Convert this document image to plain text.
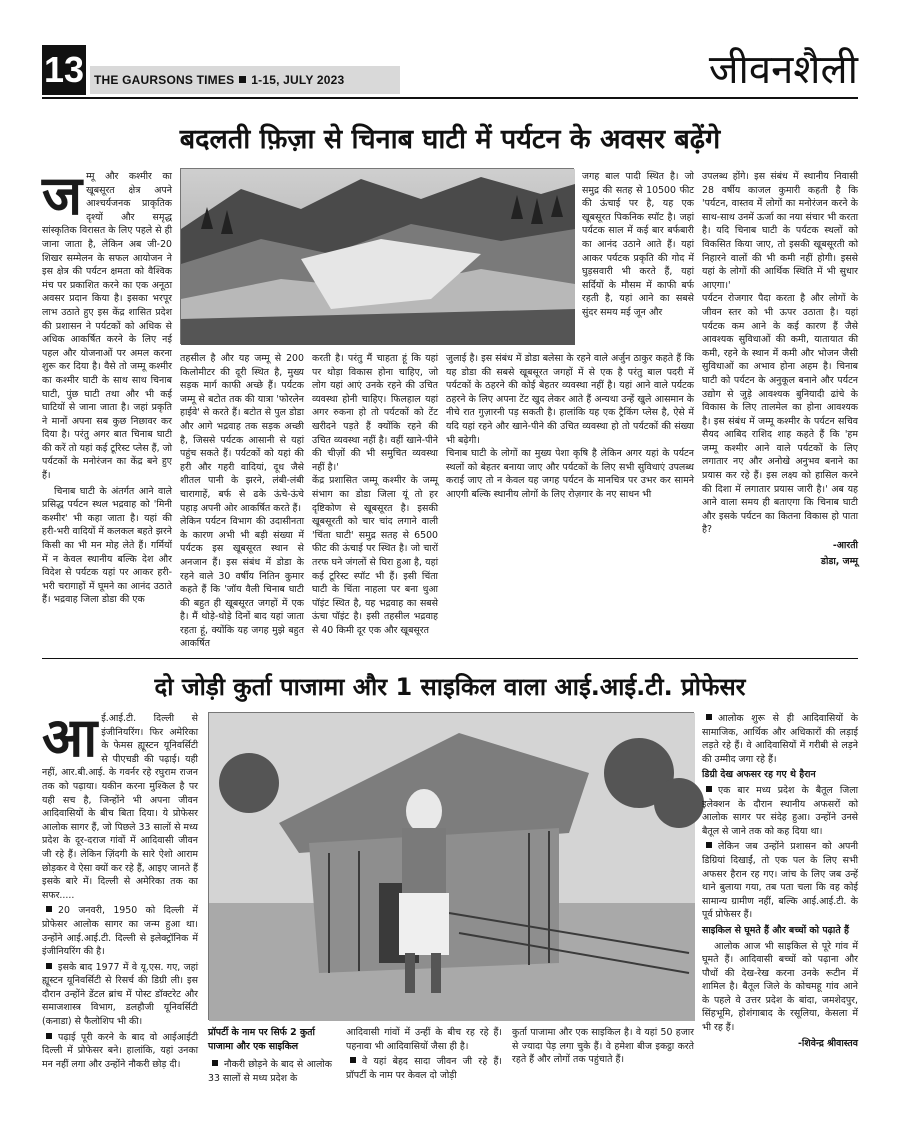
13 THE GAURSONS TIMES 1-15, JULY 2023	जीवनशैली
बदलती फ़िज़ा से चिनाब घाटी में पर्यटन के अवसर बढ़ेंगे

जम्मू और कश्मीर का खूबसूरत क्षेत्र अपने आश्चर्यजनक प्राकृतिक दृश्यों और समृद्ध सांस्कृतिक विरासत के लिए पहले से ही जाना जाता है, लेकिन अब जी-20 शिखर सम्मेलन के सफल आयोजन ने इस क्षेत्र की पर्यटन क्षमता को वैश्विक मंच पर प्रकाशित करने का एक अनूठा अवसर प्रदान किया है। इसका भरपूर लाभ उठाते हुए इस केंद्र शासित प्रदेश की प्रशासन ने पर्यटकों को अधिक से अधिक आकर्षित करने के लिए नई पहल और योजनाओं पर अमल करना शुरू कर दिया है। वैसे तो जम्मू कश्मीर का कश्मीर घाटी के साथ साथ चिनाब घाटी, पुंछ घाटी तथा और भी कई घाटियों से जाना जाता है। जहां प्रकृति ने मानों अपना सब कुछ निछावर कर दिया है। परंतु अगर बात चिनाब घाटी की करें तो यहां कई टूरिस्ट प्लेस हैं, जो पर्यटकों के मनोरंजन का केंद्र बने हुए हैं।

चिनाब घाटी के अंतर्गत आने वाले प्रसिद्ध पर्यटन स्थल भद्रवाह को 'मिनी कश्मीर' भी कहा जाता है। यहां की हरी-भरी वादियों में कलकल बहते झरने किसी का भी मन मोह लेते हैं। गर्मियों में न केवल स्थानीय बल्कि देश और विदेश से पर्यटक यहां पर आकर हरी-भरी चरागाहों में घूमने का आनंद उठाते हैं। भद्रवाह जिला डोडा की एक

तहसील है और यह जम्मू से 200 किलोमीटर की दूरी स्थित है, मुख्य सड़क मार्ग काफी अच्छे हैं। पर्यटक जम्मू से बटोत तक की यात्रा 'फोरलेन हाईवे' से करते हैं। बटोत से पुल डोडा और आगे भद्रवाह तक सड़क अच्छी है, जिससे पर्यटक आसानी से यहां पहुंच सकते हैं। पर्यटकों को यहां की हरी और गहरी वादियां, दूध जैसे शीतल पानी के झरने, लंबी-लंबी चारागाहें, बर्फ से ढके ऊंचे-ऊंचे पहाड़ अपनी ओर आकर्षित करते हैं।
लेकिन पर्यटन विभाग की उदासीनता के कारण अभी भी बड़ी संख्या में पर्यटक इस खूबसूरत स्थान से अनजान हैं। इस संबंध में डोडा के रहने वाले 30 वर्षीय नितिन कुमार कहते हैं कि 'जॉय वैली चिनाब घाटी की बहुत ही खूबसूरत जगहों में एक है। मैं थोड़े-थोड़े दिनों बाद यहां जाता रहता हूं, क्योंकि यह जगह मुझे बहुत आकर्षित
करती है। परंतु मैं चाहता हूं कि यहां पर थोड़ा विकास होना चाहिए, जो लोग यहां आएं उनके रहने की उचित व्यवस्था होनी चाहिए। फिलहाल यहां अगर रुकना हो तो पर्यटकों को टेंट खरीदने पड़ते हैं क्योंकि रहने की उचित व्यवस्था नहीं है। वहीं खाने-पीने की चीज़ों की भी समुचित व्यवस्था नहीं है।'
केंद्र प्रशासित जम्मू कश्मीर के जम्मू संभाग का डोडा जिला यूं तो हर दृष्टिकोण से खूबसूरत है। इसकी खूबसूरती को चार चांद लगाने वाली 'चिंता घाटी' समुद्र सतह से 6500 फीट की ऊंचाई पर स्थित है। जो चारों तरफ घने जंगलों से घिरा हुआ है, यहां कई टूरिस्ट स्पॉट भी हैं। इसी चिंता घाटी के चिंता नाहला पर बना धुआ पॉइंट स्थित है, यह भद्रवाह का सबसे ऊंचा पॉइंट है। इसी तहसील भद्रवाह से 40 किमी दूर एक और खूबसूरत
जगह बाल पादी स्थित है। जो समुद्र की सतह से 10500 फीट की ऊंचाई पर है, यह एक खूबसूरत पिकनिक स्पॉट है। जहां पर्यटक साल में कई बार बर्फबारी का आनंद उठाने आते हैं। यहां आकर पर्यटक प्रकृति की गोद में घुड़सवारी भी करते हैं, यहां सर्दियों के मौसम में काफी बर्फ रहती है, यहां आने का सबसे सुंदर समय मई जून और
जुलाई है। इस संबंध में डोडा बलेसा के रहने वाले अर्जुन ठाकुर कहते हैं कि यह डोडा की सबसे खूबसूरत जगहों में से एक है परंतु बाल पदरी में पर्यटकों के ठहरने की कोई बेहतर व्यवस्था नहीं है। यहां आने वाले पर्यटक ठहरने के लिए अपना टेंट खुद लेकर आते हैं अन्यथा उन्हें खुले आसमान के नीचे रात गुज़ारनी पड़ सकती है। हालांकि यह एक ट्रैकिंग प्लेस है, ऐसे में यदि यहां रहने और खाने-पीने की उचित व्यवस्था हो तो पर्यटकों की संख्या भी बढ़ेगी।
चिनाब घाटी के लोगों का मुख्य पेशा कृषि है लेकिन अगर यहां के पर्यटन स्थलों को बेहतर बनाया जाए और पर्यटकों के लिए सभी सुविधाएं उपलब्ध कराई जाए तो न केवल यह जगह पर्यटन के मानचित्र पर उभर कर सामने आएगी बल्कि स्थानीय लोगों के लिए रोज़गार के नए साधन भी

उपलब्ध होंगे। इस संबंध में स्थानीय निवासी 28 वर्षीय काजल कुमारी कहती है कि 'पर्यटन, वास्तव में लोगों का मनोरंजन करने के साथ-साथ उनमें ऊर्जा का नया संचार भी करता है। यदि चिनाब घाटी के पर्यटक स्थलों को विकसित किया जाए, तो इसकी खूबसूरती को निहारने वालों की भी कमी नहीं होगी। इससे यहां के लोगों की आर्थिक स्थिति में भी सुधार आएगा।'
पर्यटन रोजगार पैदा करता है और लोगों के जीवन स्तर को भी ऊपर उठाता है। यहां पर्यटक कम आने के कई कारण हैं जैसे आवश्यक सुविधाओं की कमी, यातायात की कमी, रहने के स्थान में कमी और भोजन जैसी सुविधाओं का अभाव होना अहम है। चिनाब घाटी को पर्यटन के अनुकूल बनाने और पर्यटन उद्योग से जुड़े आवश्यक बुनियादी ढांचे के विकास के लिए तालमेल का होना आवश्यक है। इस संबंध में जम्मू कश्मीर के पर्यटन सचिव सैयद आबिद राशिद शाह कहते हैं कि 'हम जम्मू कश्मीर आने वाले पर्यटकों के लिए लगातार नए और अनोखे अनुभव बनाने का प्रयास कर रहे हैं। इस लक्ष्य को हासिल करने की दिशा में लगातार प्रयास जारी है।' अब यह आने वाला समय ही बताएगा कि चिनाब घाटी और इसके पर्यटन का कितना विकास हो पाता है?

-आरती

डोडा, जम्मू

दो जोड़ी कुर्ता पाजामा और 1 साइकिल वाला आई.आई.टी. प्रोफेसर

आई.आई.टी. दिल्ली से इंजीनियरिंग। फिर अमेरिका के फेमस ह्यूस्टन यूनिवर्सिटी से पीएचडी की पढ़ाई। यही नहीं, आर.बी.आई. के गवर्नर रहे रघुराम राजन तक को पढ़ाया। यकीन करना मुश्किल है पर यही सच है, जिन्होंने भी अपना जीवन आदिवासियों के बीच बिता दिया। ये प्रोफेसर आलोक सागर हैं, जो पिछले 33 सालों से मध्य प्रदेश के दूर-दराज गांवों में आदिवासी जीवन जी रहे हैं। लेकिन ज़िंदगी के सारे ऐशो आराम छोड़कर वे ऐसा क्यों कर रहे हैं, आइए जानते हैं इसके बारे में। दिल्ली से अमेरिका तक का सफर.....

20 जनवरी, 1950 को दिल्ली में प्रोफेसर आलोक सागर का जन्म हुआ था। उन्होंने आई.आई.टी. दिल्ली से इलेक्ट्रॉनिक में इंजीनियरिंग की है।

इसके बाद 1977 में वे यू.एस. गए, जहां ह्यूस्टन यूनिवर्सिटी से रिसर्च की डिग्री ली। इस दौरान उन्होंने डेंटल ब्रांच में पोस्ट डॉक्टरेट और समाजशास्त्र विभाग, डलहौजी यूनिवर्सिटी (कनाडा) से फैलोशिप भी की।

पढ़ाई पूरी करने के बाद वो आईआईटी दिल्ली में प्रोफेसर बने। हालांकि, यहां उनका मन नहीं लगा और उन्होंने नौकरी छोड़ दी।

प्रॉपर्टी के नाम पर सिर्फ 2 कुर्ता पाजामा और एक साइकिल

नौकरी छोड़ने के बाद से आलोक 33 सालों से मध्य प्रदेश के

आदिवासी गांवों में उन्हीं के बीच रह रहे हैं। पहनावा भी आदिवासियों जैसा ही है।

वे यहां बेहद सादा जीवन जी रहे हैं। प्रॉपर्टी के नाम पर केवल दो जोड़ी

कुर्ता पाजामा और एक साइकिल है। वे यहां 50 हजार से ज्यादा पेड़ लगा चुके हैं। वे हमेशा बीज इकट्ठा करते रहते हैं और लोगों तक पहुंचाते हैं।

आलोक शुरू से ही आदिवासियों के सामाजिक, आर्थिक और अधिकारों की लड़ाई लड़ते रहे हैं। वे आदिवासियों में गरीबी से लड़ने की उम्मीद जगा रहे हैं।

डिग्री देख अफसर रह गए थे हैरान

एक बार मध्य प्रदेश के बैतूल जिला इलेक्शन के दौरान स्थानीय अफसरों को आलोक सागर पर संदेह हुआ। उन्होंने उनसे बैतूल से जाने तक को कह दिया था।

लेकिन जब उन्होंने प्रशासन को अपनी डिग्रियां दिखाईं, तो एक पल के लिए सभी अफसर हैरान रह गए। जांच के लिए जब उन्हें थाने बुलाया गया, तब पता चला कि वह कोई सामान्य ग्रामीण नहीं, बल्कि आई.आई.टी. के पूर्व प्रोफेसर हैं।

साइकिल से घूमते हैं और बच्चों को पढ़ाते हैं

आलोक आज भी साइकिल से पूरे गांव में घूमते हैं। आदिवासी बच्चों को पढ़ाना और पौधों की देख-रेख करना उनके रूटीन में शामिल है। बैतूल जिले के कोचमहू गांव आने के पहले वे उत्तर प्रदेश के बांदा, जमशेदपुर, सिंहभूमि, होशंगाबाद के रसूलिया, केसला में भी रह हैं।

-शिवेन्द्र श्रीवास्तव
